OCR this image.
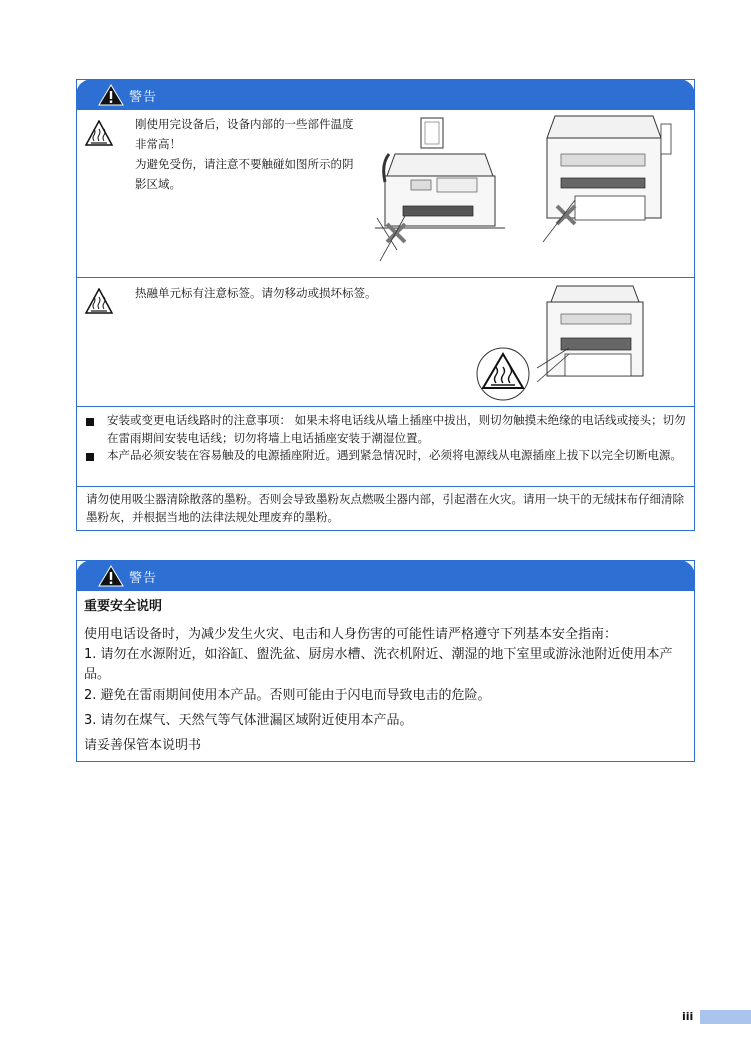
警告
刚使用完设备后，设备内部的一些部件温度非常高！
为避免受伤，请注意不要触碰如图所示的阴影区域。
热融单元标有注意标签。请勿移动或损坏标签。
安装或变更电话线路时的注意事项： 如果未将电话线从墙上插座中拔出，则切勿触摸未绝缘的电话线或接头；切勿在雷雨期间安装电话线；切勿将墙上电话插座安装于潮湿位置。
本产品必须安装在容易触及的电源插座附近。遇到紧急情况时，必须将电源线从电源插座上拔下以完全切断电源。
请勿使用吸尘器清除散落的墨粉。否则会导致墨粉灰点燃吸尘器内部，引起潜在火灾。请用一块干的无绒抹布仔细清除墨粉灰，并根据当地的法律法规处理废弃的墨粉。
警告
重要安全说明
使用电话设备时，为减少发生火灾、电击和人身伤害的可能性请严格遵守下列基本安全指南：
1. 请勿在水源附近，如浴缸、盥洗盆、厨房水槽、洗衣机附近、潮湿的地下室里或游泳池附近使用本产品。
2. 避免在雷雨期间使用本产品。否则可能由于闪电而导致电击的危险。
3. 请勿在煤气、天然气等气体泄漏区域附近使用本产品。
请妥善保管本说明书
iii
